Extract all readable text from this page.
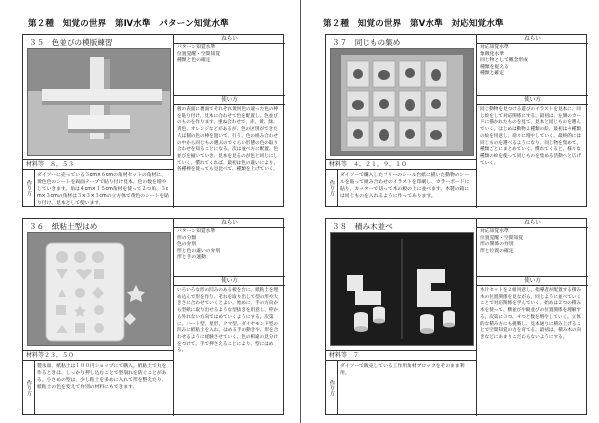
第２種　知覚の世界　第Ⅳ水準　パターン知覚水準
３５　色並びの模版練習	ねらい
パターン知覚水準
位置覚醒・空間知覚
種類と色の確定
使い方
板の表面に裏面でそれぞれ黄何色の違った色の棒を貼り付け、見本に合わせて色を配置し、色並びのものを作ります。重ね合わせで、赤、黄、緑、青色、オレンジなどがあるが、色の区別ができた人は個の色の棒を置いて、行う。色の組み合わせの中から同じもの選ぶのでぐらい形態の色の取り合わせを知ることになる。次は並べ方に配置、色並びを揃いていき、見本を見るのが色と同じにしていく。慣れてくれば、最初は色の違いにより、各種棒を使っても見比べて、種類を上げていく。
材料等　８，５３
作り方
ダイソーに売っている３cm×６cmの角材セットの角材に、黄色色のシートを両面テープで貼り付け見本。色の数を増やしていきます。角は４cm×１５cm角材を使って２つ角、３cm×３cmの角材は３×３×３cmの立方体で黄色のシートを貼り付け、見本として使います。
３６　紙粘土型はめ	ねらい
パターン知覚水準
形の分類
色の弁別
形と色の違いの弁別
形と手の運動
使い方
いろいろな形の凹みのある板を台に、紙粘土を埋め込んで形を作り、それを取り出して型の形や大きさに合わせていくとよい。始めに、手の方向から型紙に取り出せるような型抜きを用意し、枠から外れない方向ではめていくようにする。次第に、ハート型、星形、クマ型、ダイヤモンド型の凹みに紙粘土を入れ、はめる手の動きや、形を合わせるように経験させていく。色の相違の見分けをつけて、手で押さえることにより、型にはめる。
材料等２３，５０
作り方
製氷皿、紙粘土は１００円ショップにて購入。紙粘土で丸を作るときは、しっかり押し込むことで型崩れを防ぐことがある。小さめの型は、少し粘土を多めに入れて形を整えたり、紙粘土の色を変えて弁別の材料にもできます。
第２種　知覚の世界　第Ⅴ水準　対応知覚水準
３７　同じもの集め	ねらい
対応知覚水準
象徴化水準
同じ物として概念形成
種類を捉える
種類と確定
使い方
同じ動物を見つける遊びのイラストを見本に、同じ絵をして対応関係にする。最初は、左側のカードに描かれたものを見て、見本と同じものを選んでいく。はじめは動物２種類の絵、最初は４種類の絵を用意し、徐々に増やしていく。最終的には同じものを選べるようになり、同じ物を集めて、種類ごとにまとめていく。慣れてくると、様々な種類の絵を使って同じものを集める活動へと広げていく。
材料等　４，２１，９，１０
作り方
ダイソーで購入したフリーのシール台紙に描いた動物のシールを貼って組み合わせのイラストを印刷し、カラーボードに貼り、カッターで切って木の板の上に並べます。木製の箱には同じものを入れるように作ってあります。
３８　積み木並べ	ねらい
対応知覚水準
位置覚醒・空間知覚
形の関係の弁別
形と位置の確定
使い方
木片セットを２組用意し、指導者が配置する積み木の位置関係を見ながら、同じように並べていくことで対応関係を学んでいく。始めは２つの積み木を使って、横並びや縦並びの位置関係を理解する。次第に３つ、４つと数を増やしていく。立体的な積み方にも挑戦し、見本通りに積み上げることで空間知覚の力を育てる。最初は、積み木の向きなどにあまりこだわらないようにする。
材料等　７
作り方
ダイソーで販売している工作用角材ブロックをそのまま利用。
